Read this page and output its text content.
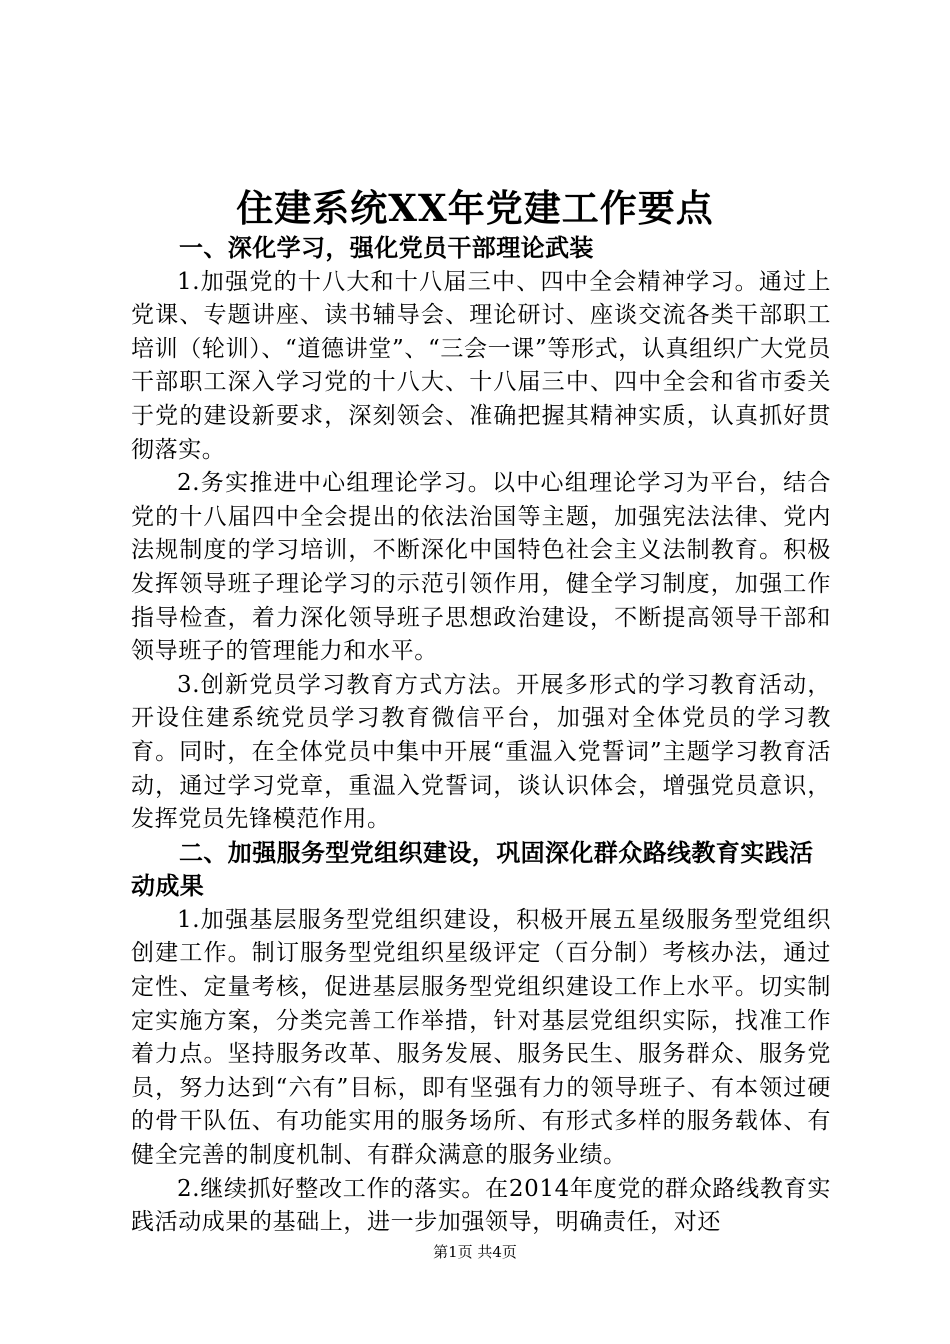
住建系统XX年党建工作要点

一、深化学习，强化党员干部理论武装

1.加强党的十八大和十八届三中、四中全会精神学习。通过上党课、专题讲座、读书辅导会、理论研讨、座谈交流各类干部职工培训（轮训）、“道德讲堂”、“三会一课”等形式，认真组织广大党员干部职工深入学习党的十八大、十八届三中、四中全会和省市委关于党的建设新要求，深刻领会、准确把握其精神实质，认真抓好贯彻落实。

2.务实推进中心组理论学习。以中心组理论学习为平台，结合党的十八届四中全会提出的依法治国等主题，加强宪法法律、党内法规制度的学习培训，不断深化中国特色社会主义法制教育。积极发挥领导班子理论学习的示范引领作用，健全学习制度，加强工作指导检查，着力深化领导班子思想政治建设，不断提高领导干部和领导班子的管理能力和水平。

3.创新党员学习教育方式方法。开展多形式的学习教育活动，开设住建系统党员学习教育微信平台，加强对全体党员的学习教育。同时，在全体党员中集中开展“重温入党誓词”主题学习教育活动，通过学习党章，重温入党誓词，谈认识体会，增强党员意识，发挥党员先锋模范作用。

二、加强服务型党组织建设，巩固深化群众路线教育实践活动成果

1.加强基层服务型党组织建设，积极开展五星级服务型党组织创建工作。制订服务型党组织星级评定（百分制）考核办法，通过定性、定量考核，促进基层服务型党组织建设工作上水平。切实制定实施方案，分类完善工作举措，针对基层党组织实际，找准工作着力点。坚持服务改革、服务发展、服务民生、服务群众、服务党员，努力达到“六有”目标，即有坚强有力的领导班子、有本领过硬的骨干队伍、有功能实用的服务场所、有形式多样的服务载体、有健全完善的制度机制、有群众满意的服务业绩。

2.继续抓好整改工作的落实。在2014年度党的群众路线教育实践活动成果的基础上，进一步加强领导，明确责任，对还

第1页 共4页
